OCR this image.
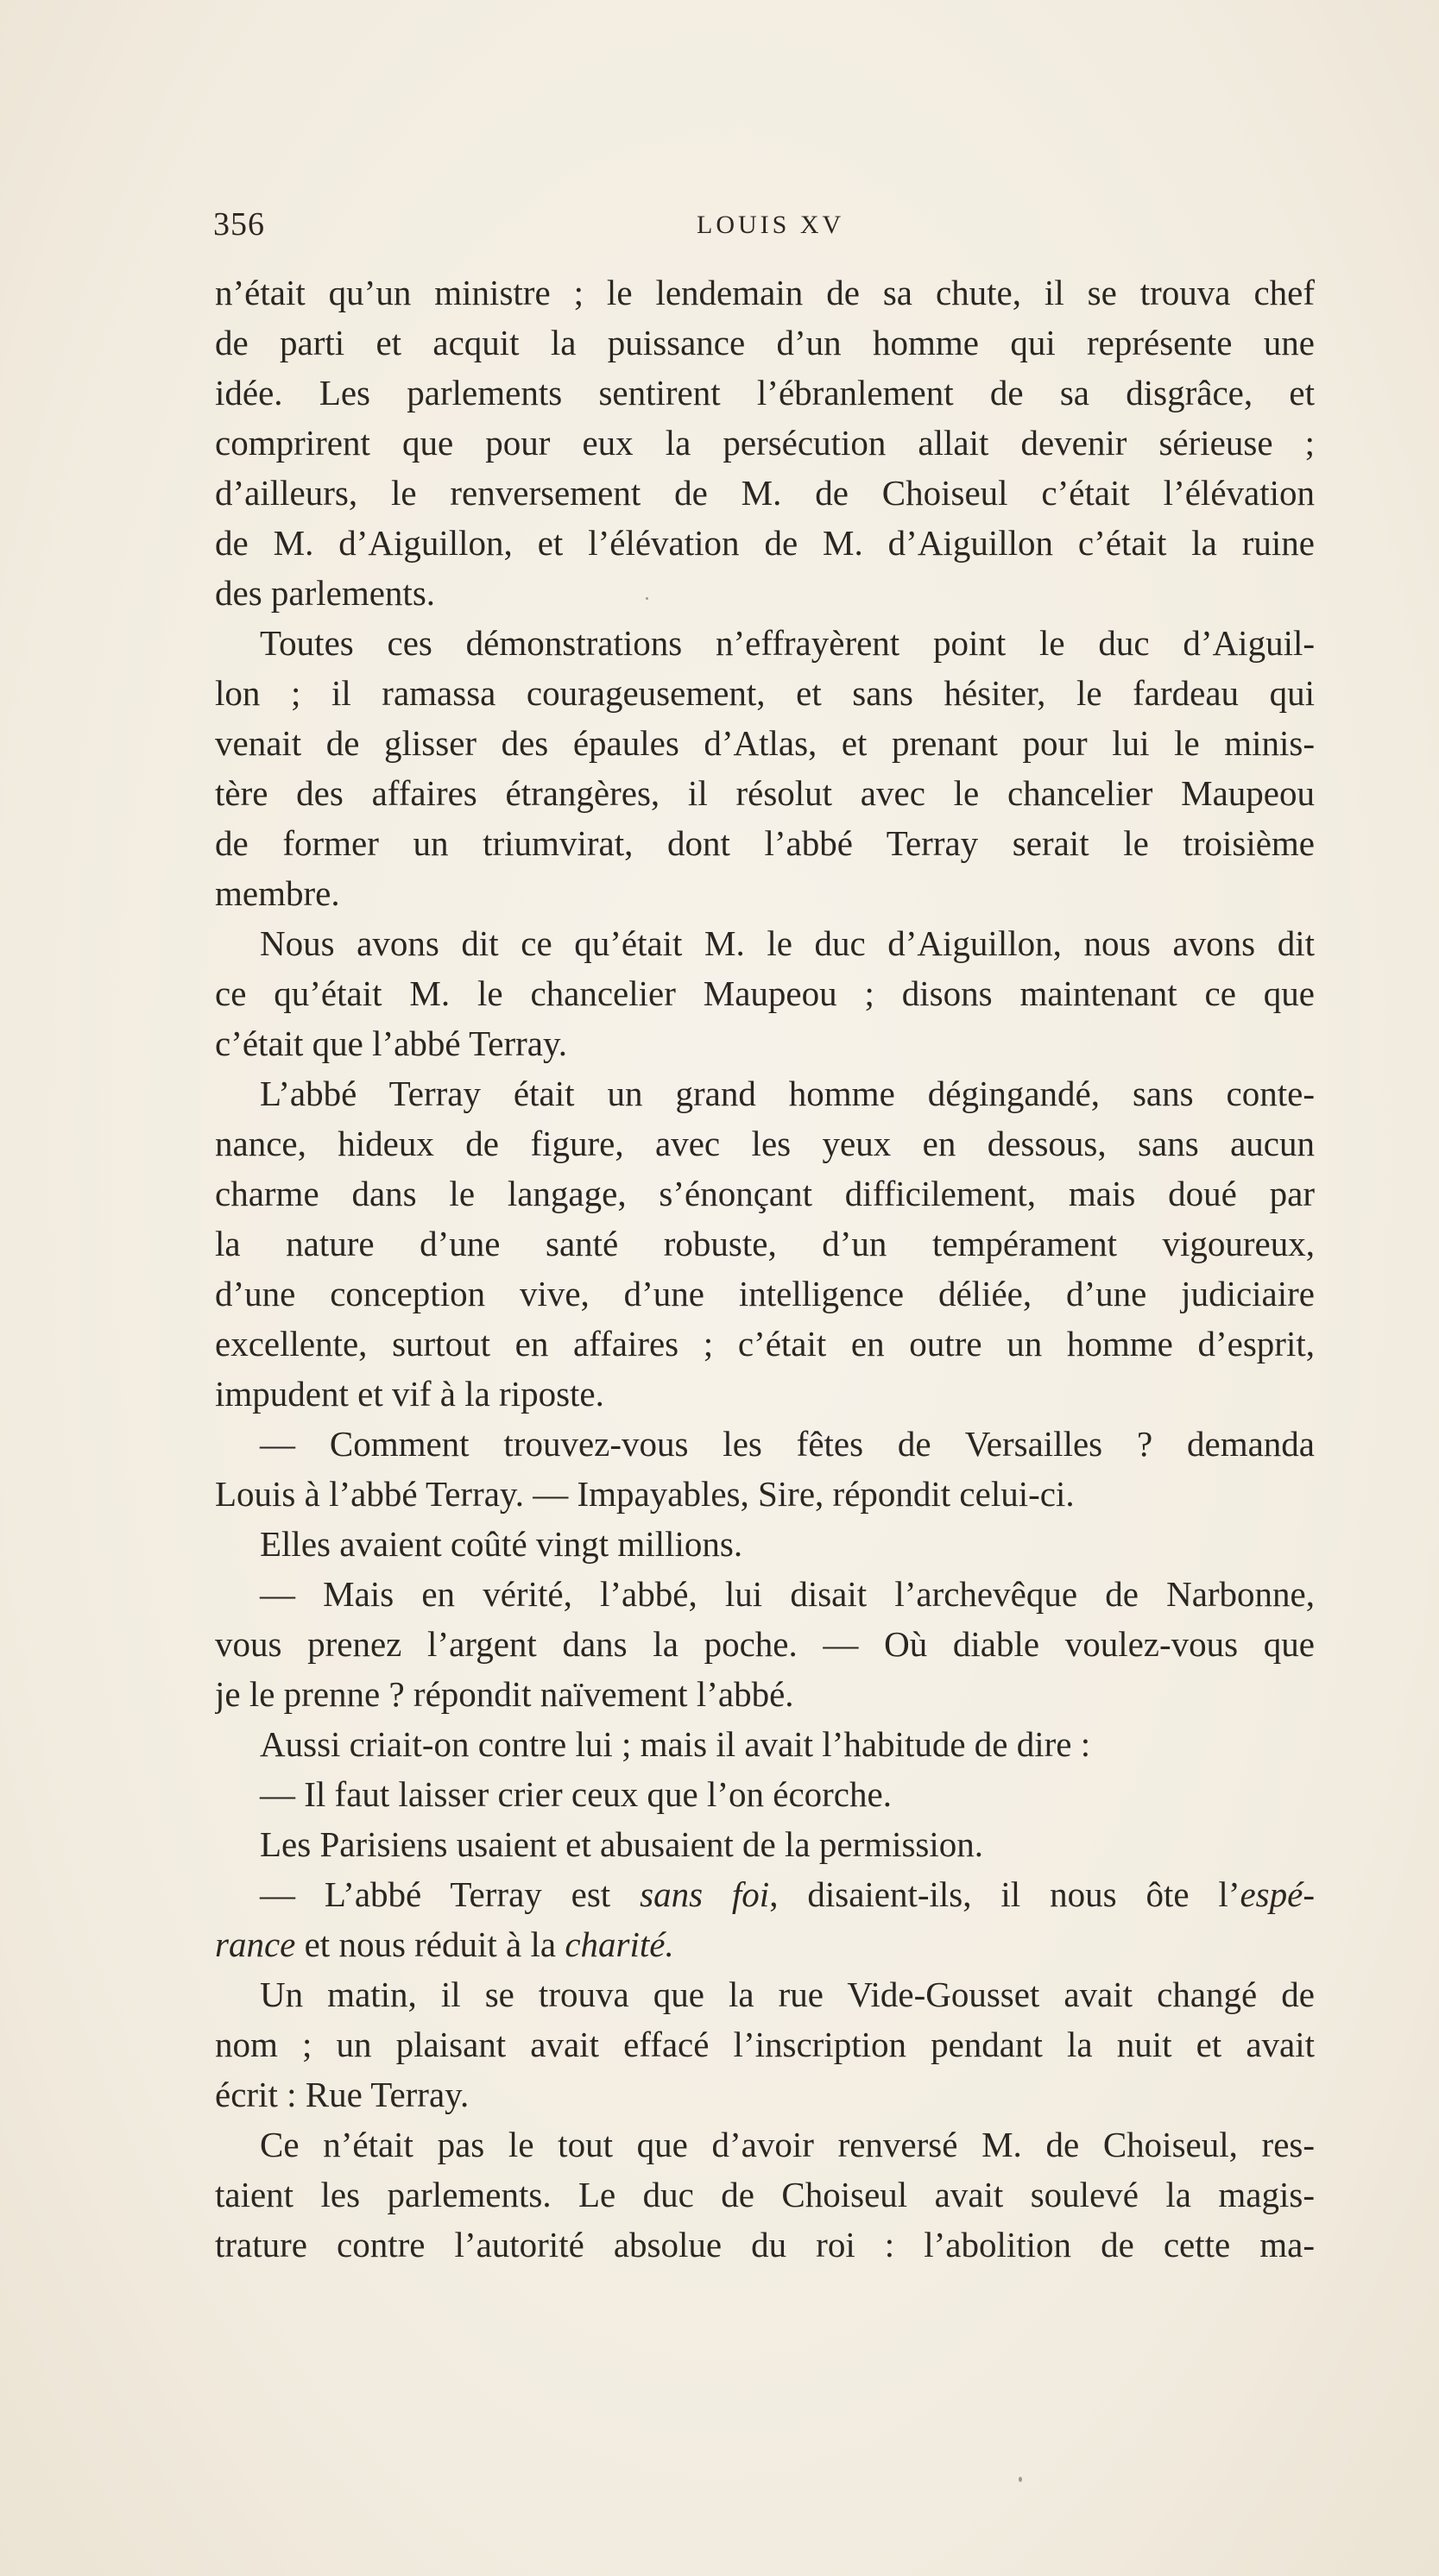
356	LOUIS XV
n’était qu’un ministre ; le lendemain de sa chute, il se trouva chef
de parti et acquit la puissance d’un homme qui représente une
idée. Les parlements sentirent l’ébranlement de sa disgrâce, et
comprirent que pour eux la persécution allait devenir sérieuse ;
d’ailleurs, le renversement de M. de Choiseul c’était l’élévation
de M. d’Aiguillon, et l’élévation de M. d’Aiguillon c’était la ruine
des parlements.
Toutes ces démonstrations n’effrayèrent point le duc d’Aiguil-
lon ; il ramassa courageusement, et sans hésiter, le fardeau qui
venait de glisser des épaules d’Atlas, et prenant pour lui le minis-
tère des affaires étrangères, il résolut avec le chancelier Maupeou
de former un triumvirat, dont l’abbé Terray serait le troisième
membre.
Nous avons dit ce qu’était M. le duc d’Aiguillon, nous avons dit
ce qu’était M. le chancelier Maupeou ; disons maintenant ce que
c’était que l’abbé Terray.
L’abbé Terray était un grand homme dégingandé, sans conte-
nance, hideux de figure, avec les yeux en dessous, sans aucun
charme dans le langage, s’énonçant difficilement, mais doué par
la nature d’une santé robuste, d’un tempérament vigoureux,
d’une conception vive, d’une intelligence déliée, d’une judiciaire
excellente, surtout en affaires ; c’était en outre un homme d’esprit,
impudent et vif à la riposte.
— Comment trouvez-vous les fêtes de Versailles ? demanda
Louis à l’abbé Terray. — Impayables, Sire, répondit celui-ci.
Elles avaient coûté vingt millions.
— Mais en vérité, l’abbé, lui disait l’archevêque de Narbonne,
vous prenez l’argent dans la poche. — Où diable voulez-vous que
je le prenne ? répondit naïvement l’abbé.
Aussi criait-on contre lui ; mais il avait l’habitude de dire :
— Il faut laisser crier ceux que l’on écorche.
Les Parisiens usaient et abusaient de la permission.
— L’abbé Terray est sans foi, disaient-ils, il nous ôte l’espé-
rance et nous réduit à la charité.
Un matin, il se trouva que la rue Vide-Gousset avait changé de
nom ; un plaisant avait effacé l’inscription pendant la nuit et avait
écrit : Rue Terray.
Ce n’était pas le tout que d’avoir renversé M. de Choiseul, res-
taient les parlements. Le duc de Choiseul avait soulevé la magis-
trature contre l’autorité absolue du roi : l’abolition de cette ma-
